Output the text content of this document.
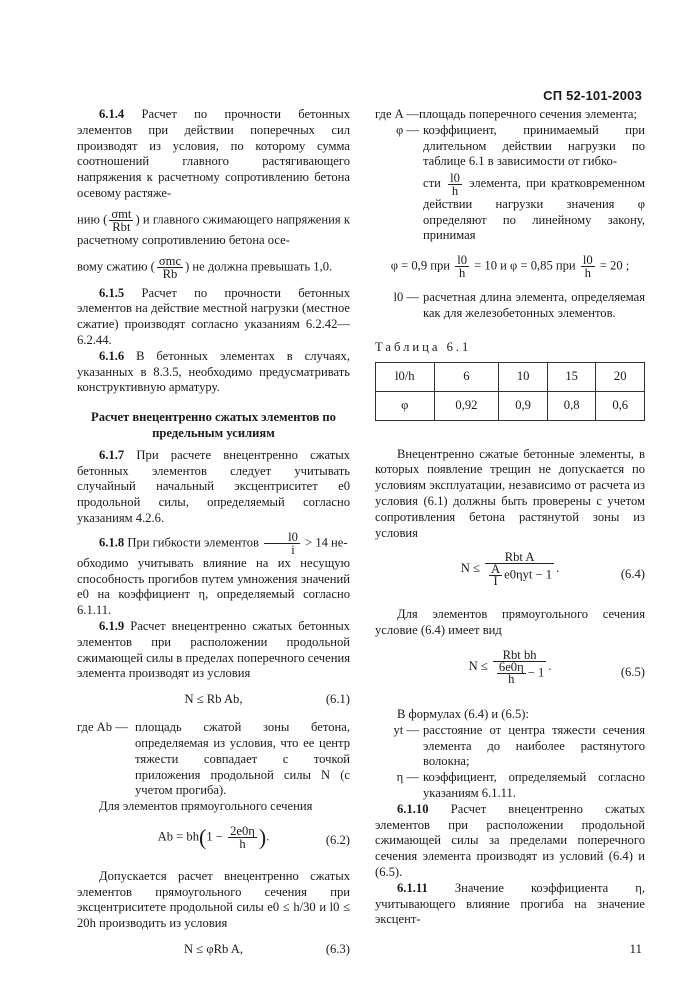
СП 52-101-2003

6.1.4 Расчет по прочности бетонных элементов при действии поперечных сил производят из условия, по которому сумма соотношений главного растягивающего напряжения к расчетному сопротивлению бетона осевому растяже-

нию ( $\frac{\text{σmt}}{\text{Rbt}}$ ) и главного сжимающего напряжения к расчетному сопротивлению бетона осе-

вому сжатию ( $\frac{\text{σmc}}{Rb}$ ) не должна превышать 1,0.

6.1.5 Расчет по прочности бетонных элементов на действие местной нагрузки (местное сжатие) производят согласно указаниям 6.2.42—6.2.44.

6.1.6 В бетонных элементах в случаях, указанных в 8.3.5, необходимо предусматривать конструктивную арматуру.

Расчет внецентренно сжатых элементов по предельным усилиям

6.1.7 При расчете внецентренно сжатых бетонных элементов следует учитывать случайный начальный эксцентриситет e0 продольной силы, определяемый согласно указаниям 4.2.6.

6.1.8 При гибкости элементов $\frac{l0}{i} > 14$ не-

обходимо учитывать влияние на их несущую способность прогибов путем умножения значений e0 на коэффициент η, определяемый согласно 6.1.11.

6.1.9 Расчет внецентренно сжатых бетонных элементов при расположении продольной сжимающей силы в пределах поперечного сечения элемента производят из условия

N ≤ Rb Ab,	(6.1)
где Ab — площадь сжатой зоны бетона, определяемая из условия, что ее центр тяжести совпадает с точкой приложения продольной силы N (с учетом прогиба).

Для элементов прямоугольного сечения

$Ab = bh(1 - \frac{2e0\eta}{h}$ ).	(6.2)

Допускается расчет внецентренно сжатых элементов прямоугольного сечения при эксцентриситете продольной силы e0 ≤ h/30 и l0 ≤ 20h производить из условия

N ≤ φRb A,	(6.3)
где A — площадь поперечного сечения элемента;
φ — коэффициент, принимаемый при длительном действии нагрузки по таблице 6.1 в зависимости от гибко-
сти $\frac{l0}{h}$ элемента, при кратковременном действии нагрузки значения φ определяют по линейному закону, принимая
φ = 0,9 при $\frac{l0}{h} = 10$ и φ = 0,85 при $\frac{l0}{h} = 20$ ;
l0 — расчетная длина элемента, определяемая как для железобетонных элементов.

Таблица 6.1

l0/h	6	10	15	20
φ	0,92	0,9	0,8	0,6

Внецентренно сжатые бетонные элементы, в которых появление трещин не допускается по условиям эксплуатации, независимо от расчета из условия (6.1) должны быть проверены с учетом сопротивления бетона растянутой зоны из условия

$N \le \frac{\text{Rbt A}}{\frac{A}{I} e0\eta yt - 1}$ .	(6.4)

Для элементов прямоугольного сечения условие (6.4) имеет вид

$N \le \frac{\text{Rbt bh}}{\frac{6e0\eta}{h} - 1}$ .	(6.5)

В формулах (6.4) и (6.5):

yt — расстояние от центра тяжести сечения элемента до наиболее растянутого волокна;
η — коэффициент, определяемый согласно указаниям 6.1.11.

6.1.10 Расчет внецентренно сжатых элементов при расположении продольной сжимающей силы за пределами поперечного сечения элемента производят из условий (6.4) и (6.5).

6.1.11 Значение коэффициента η, учитывающего влияние прогиба на значение эксцент-

11
